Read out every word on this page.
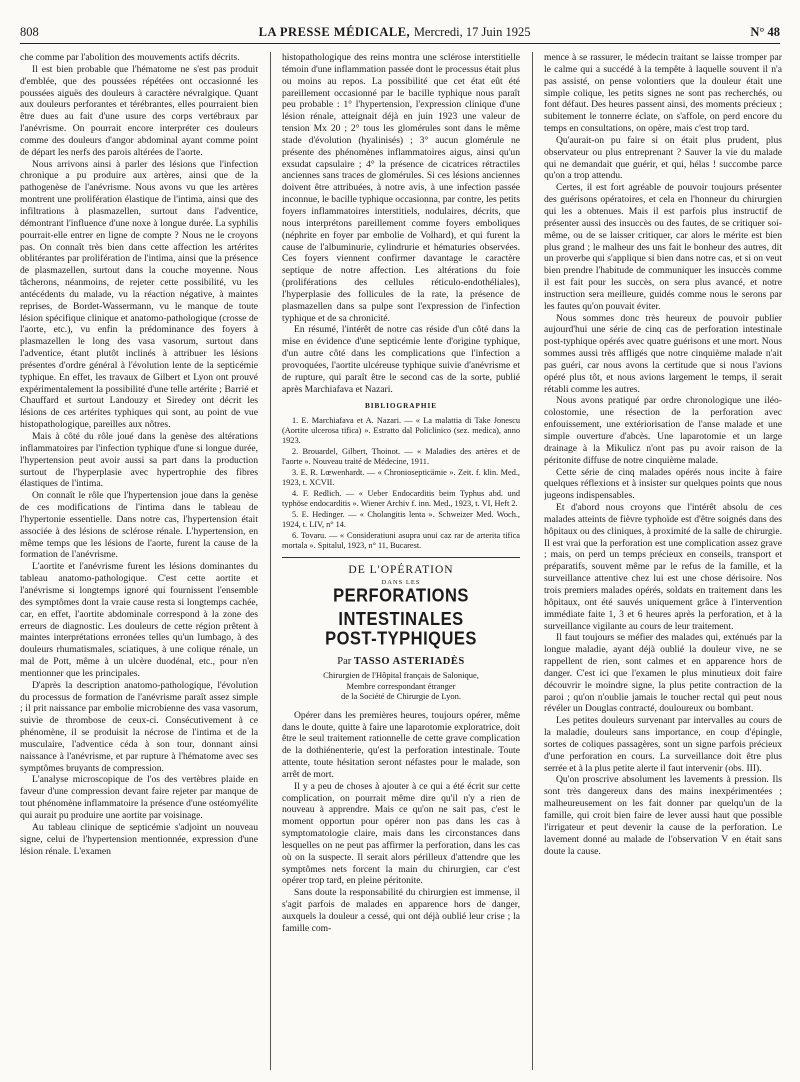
808	LA PRESSE MÉDICALE, Mercredi, 17 Juin 1925	N° 48

che comme par l'abolition des mouvements actifs décrits.

Il est bien probable que l'hématome ne s'est pas produit d'emblée, que des poussées répétées ont occasionné les poussées aiguës des douleurs à caractère névralgique. Quant aux douleurs perforantes et térébrantes, elles pourraient bien être dues au fait d'une usure des corps vertébraux par l'anévrisme. On pourrait encore interpréter ces douleurs comme des douleurs d'angor abdominal ayant comme point de départ les nerfs des parois altérées de l'aorte.

Nous arrivons ainsi à parler des lésions que l'infection chronique a pu produire aux artères, ainsi que de la pathogenèse de l'anévrisme. Nous avons vu que les artères montrent une prolifération élastique de l'intima, ainsi que des infiltrations à plasmazellen, surtout dans l'adventice, démontrant l'influence d'une noxe à longue durée. La syphilis pourrait-elle entrer en ligne de compte ? Nous ne le croyons pas. On connaît très bien dans cette affection les artérites oblitérantes par prolifération de l'intima, ainsi que la présence de plasmazellen, surtout dans la couche moyenne. Nous tâcherons, néanmoins, de rejeter cette possibilité, vu les antécédents du malade, vu la réaction négative, à maintes reprises, de Bordet-Wassermann, vu le manque de toute lésion spécifique clinique et anatomo-pathologique (crosse de l'aorte, etc.), vu enfin la prédominance des foyers à plasmazellen le long des vasa vasorum, surtout dans l'adventice, étant plutôt inclinés à attribuer les lésions présentes d'ordre général à l'évolution lente de la septicémie typhique. En effet, les travaux de Gilbert et Lyon ont prouvé expérimentalement la possibilité d'une telle artérite ; Barrié et Chauffard et surtout Landouzy et Siredey ont décrit les lésions de ces artérites typhiques qui sont, au point de vue histopathologique, pareilles aux nôtres.

Mais à côté du rôle joué dans la genèse des altérations inflammatoires par l'infection typhique d'une si longue durée, l'hypertension peut avoir aussi sa part dans la production surtout de l'hyperplasie avec hypertrophie des fibres élastiques de l'intima.

On connaît le rôle que l'hypertension joue dans la genèse de ces modifications de l'intima dans le tableau de l'hypertonie essentielle. Dans notre cas, l'hypertension était associée à des lésions de sclérose rénale. L'hypertension, en même temps que les lésions de l'aorte, furent la cause de la formation de l'anévrisme.

L'aortite et l'anévrisme furent les lésions dominantes du tableau anatomo-pathologique. C'est cette aortite et l'anévrisme si longtemps ignoré qui fournissent l'ensemble des symptômes dont la vraie cause resta si longtemps cachée, car, en effet, l'aortite abdominale correspond à la zone des erreurs de diagnostic. Les douleurs de cette région prêtent à maintes interprétations erronées telles qu'un lumbago, à des douleurs rhumatismales, sciatiques, à une colique rénale, un mal de Pott, même à un ulcère duodénal, etc., pour n'en mentionner que les principales.

D'après la description anatomo-pathologique, l'évolution du processus de formation de l'anévrisme paraît assez simple ; il prit naissance par embolie microbienne des vasa vasorum, suivie de thrombose de ceux-ci. Consécutivement à ce phénomène, il se produisit la nécrose de l'intima et de la musculaire, l'adventice céda à son tour, donnant ainsi naissance à l'anévrisme, et par rupture à l'hématome avec ses symptômes bruyants de compression.

L'analyse microscopique de l'os des vertèbres plaide en faveur d'une compression devant faire rejeter par manque de tout phénomène inflammatoire la présence d'une ostéomyélite qui aurait pu produire une aortite par voisinage.

Au tableau clinique de septicémie s'adjoint un nouveau signe, celui de l'hypertension mentionnée, expression d'une lésion rénale. L'examen

histopathologique des reins montra une sclérose interstitielle témoin d'une inflammation passée dont le processus était plus ou moins au repos. La possibilité que cet état eût été pareillement occasionné par le bacille typhique nous paraît peu probable : 1° l'hypertension, l'expression clinique d'une lésion rénale, atteignait déjà en juin 1923 une valeur de tension Mx 20 ; 2° tous les glomérules sont dans le même stade d'évolution (hyalinisés) ; 3° aucun glomérule ne présente des phénomènes inflammatoires aigus, ainsi qu'un exsudat capsulaire ; 4° la présence de cicatrices rétractiles anciennes sans traces de glomérules. Si ces lésions anciennes doivent être attribuées, à notre avis, à une infection passée inconnue, le bacille typhique occasionna, par contre, les petits foyers inflammatoires interstitiels, nodulaires, décrits, que nous interprétons pareillement comme foyers emboliques (néphrite en foyer par embolie de Volhard), et qui furent la cause de l'albuminurie, cylindrurie et hématuries observées. Ces foyers viennent confirmer davantage le caractère septique de notre affection. Les altérations du foie (proliférations des cellules réticulo-endothéliales), l'hyperplasie des follicules de la rate, la présence de plasmazellen dans sa pulpe sont l'expression de l'infection typhique et de sa chronicité.

En résumé, l'intérêt de notre cas réside d'un côté dans la mise en évidence d'une septicémie lente d'origine typhique, d'un autre côté dans les complications que l'infection a provoquées, l'aortite ulcéreuse typhique suivie d'anévrisme et de rupture, qui paraît être le second cas de la sorte, publié après Marchiafava et Nazari.

BIBLIOGRAPHIE
1. E. Marchiafava et A. Nazari. — « La malattia di Take Jonescu (Aortite ulcerosa tifica) ». Estratto dal Policlinico (sez. medica), anno 1923.
2. Brouardel, Gilbert, Thoinot. — « Maladies des artères et de l'aorte ». Nouveau traité de Médecine, 1911.
3. E. R. Lœwenhardt. — « Chroniosepticämie ». Zeit. f. klin. Med., 1923, t. XCVII.
4. F. Redlich. — « Ueber Endocarditis beim Typhus abd. und typhöse endocarditis ». Wiener Archiv f. inn. Med., 1923, t. VI, Heft 2.
5. E. Hedinger. — « Cholangitis lenta ». Schweizer Med. Woch., 1924, t. LIV, n° 14.
6. Tovaru. — « Consideratiuni asupra unui caz rar de arterita tifica mortala ». Spitalul, 1923, n° 11, Bucarest.
DE L'OPÉRATION
DANS LES
PERFORATIONS INTESTINALES
POST-TYPHIQUES
Par TASSO ASTERIADÈS
Chirurgien de l'Hôpital français de Salonique,
Membre correspondant étranger
de la Société de Chirurgie de Lyon.

Opérer dans les premières heures, toujours opérer, même dans le doute, quitte à faire une laparotomie exploratrice, doit être le seul traitement rationnelle de cette grave complication de la dothiénenterie, qu'est la perforation intestinale. Toute attente, toute hésitation seront néfastes pour le malade, son arrêt de mort.

Il y a peu de choses à ajouter à ce qui a été écrit sur cette complication, on pourrait même dire qu'il n'y a rien de nouveau à apprendre. Mais ce qu'on ne sait pas, c'est le moment opportun pour opérer non pas dans les cas à symptomatologie claire, mais dans les circonstances dans lesquelles on ne peut pas affirmer la perforation, dans les cas où on la suspecte. Il serait alors périlleux d'attendre que les symptômes nets forcent la main du chirurgien, car c'est opérer trop tard, en pleine péritonite.

Sans doute la responsabilité du chirurgien est immense, il s'agit parfois de malades en apparence hors de danger, auxquels la douleur a cessé, qui ont déjà oublié leur crise ; la famille com-

mence à se rassurer, le médecin traitant se laisse tromper par le calme qui a succédé à la tempête à laquelle souvent il n'a pas assisté, on pense volontiers que la douleur était une simple colique, les petits signes ne sont pas recherchés, ou font défaut. Des heures passent ainsi, des moments précieux ; subitement le tonnerre éclate, on s'affole, on perd encore du temps en consultations, on opère, mais c'est trop tard.

Qu'aurait-on pu faire si on était plus prudent, plus observateur ou plus entreprenant ? Sauver la vie du malade qui ne demandait que guérir, et qui, hélas ! succombe parce qu'on a trop attendu.

Certes, il est fort agréable de pouvoir toujours présenter des guérisons opératoires, et cela en l'honneur du chirurgien qui les a obtenues. Mais il est parfois plus instructif de présenter aussi des insuccès ou des fautes, de se critiquer soi-même, ou de se laisser critiquer, car alors le mérite est bien plus grand ; le malheur des uns fait le bonheur des autres, dit un proverbe qui s'applique si bien dans notre cas, et si on veut bien prendre l'habitude de communiquer les insuccès comme il est fait pour les succès, on sera plus avancé, et notre instruction sera meilleure, guidés comme nous le serons par les fautes qu'on pouvait éviter.

Nous sommes donc très heureux de pouvoir publier aujourd'hui une série de cinq cas de perforation intestinale post-typhique opérés avec quatre guérisons et une mort. Nous sommes aussi très affligés que notre cinquième malade n'ait pas guéri, car nous avons la certitude que si nous l'avions opéré plus tôt, et nous avions largement le temps, il serait rétabli comme les autres.

Nous avons pratiqué par ordre chronologique une iléo-colostomie, une résection de la perforation avec enfouissement, une extériorisation de l'anse malade et une simple ouverture d'abcès. Une laparotomie et un large drainage à la Mikulicz n'ont pas pu avoir raison de la péritonite diffuse de notre cinquième malade.

Cette série de cinq malades opérés nous incite à faire quelques réflexions et à insister sur quelques points que nous jugeons indispensables.

Et d'abord nous croyons que l'intérêt absolu de ces malades atteints de fièvre typhoïde est d'être soignés dans des hôpitaux ou des cliniques, à proximité de la salle de chirurgie. Il est vrai que la perforation est une complication assez grave ; mais, on perd un temps précieux en conseils, transport et préparatifs, souvent même par le refus de la famille, et la surveillance attentive chez lui est une chose dérisoire. Nos trois premiers malades opérés, soldats en traitement dans les hôpitaux, ont été sauvés uniquement grâce à l'intervention immédiate faite 1, 3 et 6 heures après la perforation, et à la surveillance vigilante au cours de leur traitement.

Il faut toujours se méfier des malades qui, exténués par la longue maladie, ayant déjà oublié la douleur vive, ne se rappellent de rien, sont calmes et en apparence hors de danger. C'est ici que l'examen le plus minutieux doit faire découvrir le moindre signe, la plus petite contraction de la paroi ; qu'on n'oublie jamais le toucher rectal qui peut nous révéler un Douglas contracté, douloureux ou bombant.

Les petites douleurs survenant par intervalles au cours de la maladie, douleurs sans importance, en coup d'épingle, sortes de coliques passagères, sont un signe parfois précieux d'une perforation en cours. La surveillance doit être plus serrée et à la plus petite alerte il faut intervenir (obs. III).

Qu'on proscrive absolument les lavements à pression. Ils sont très dangereux dans des mains inexpérimentées ; malheureusement on les fait donner par quelqu'un de la famille, qui croit bien faire de lever aussi haut que possible l'irrigateur et peut devenir la cause de la perforation. Le lavement donné au malade de l'observation V en était sans doute la cause.
